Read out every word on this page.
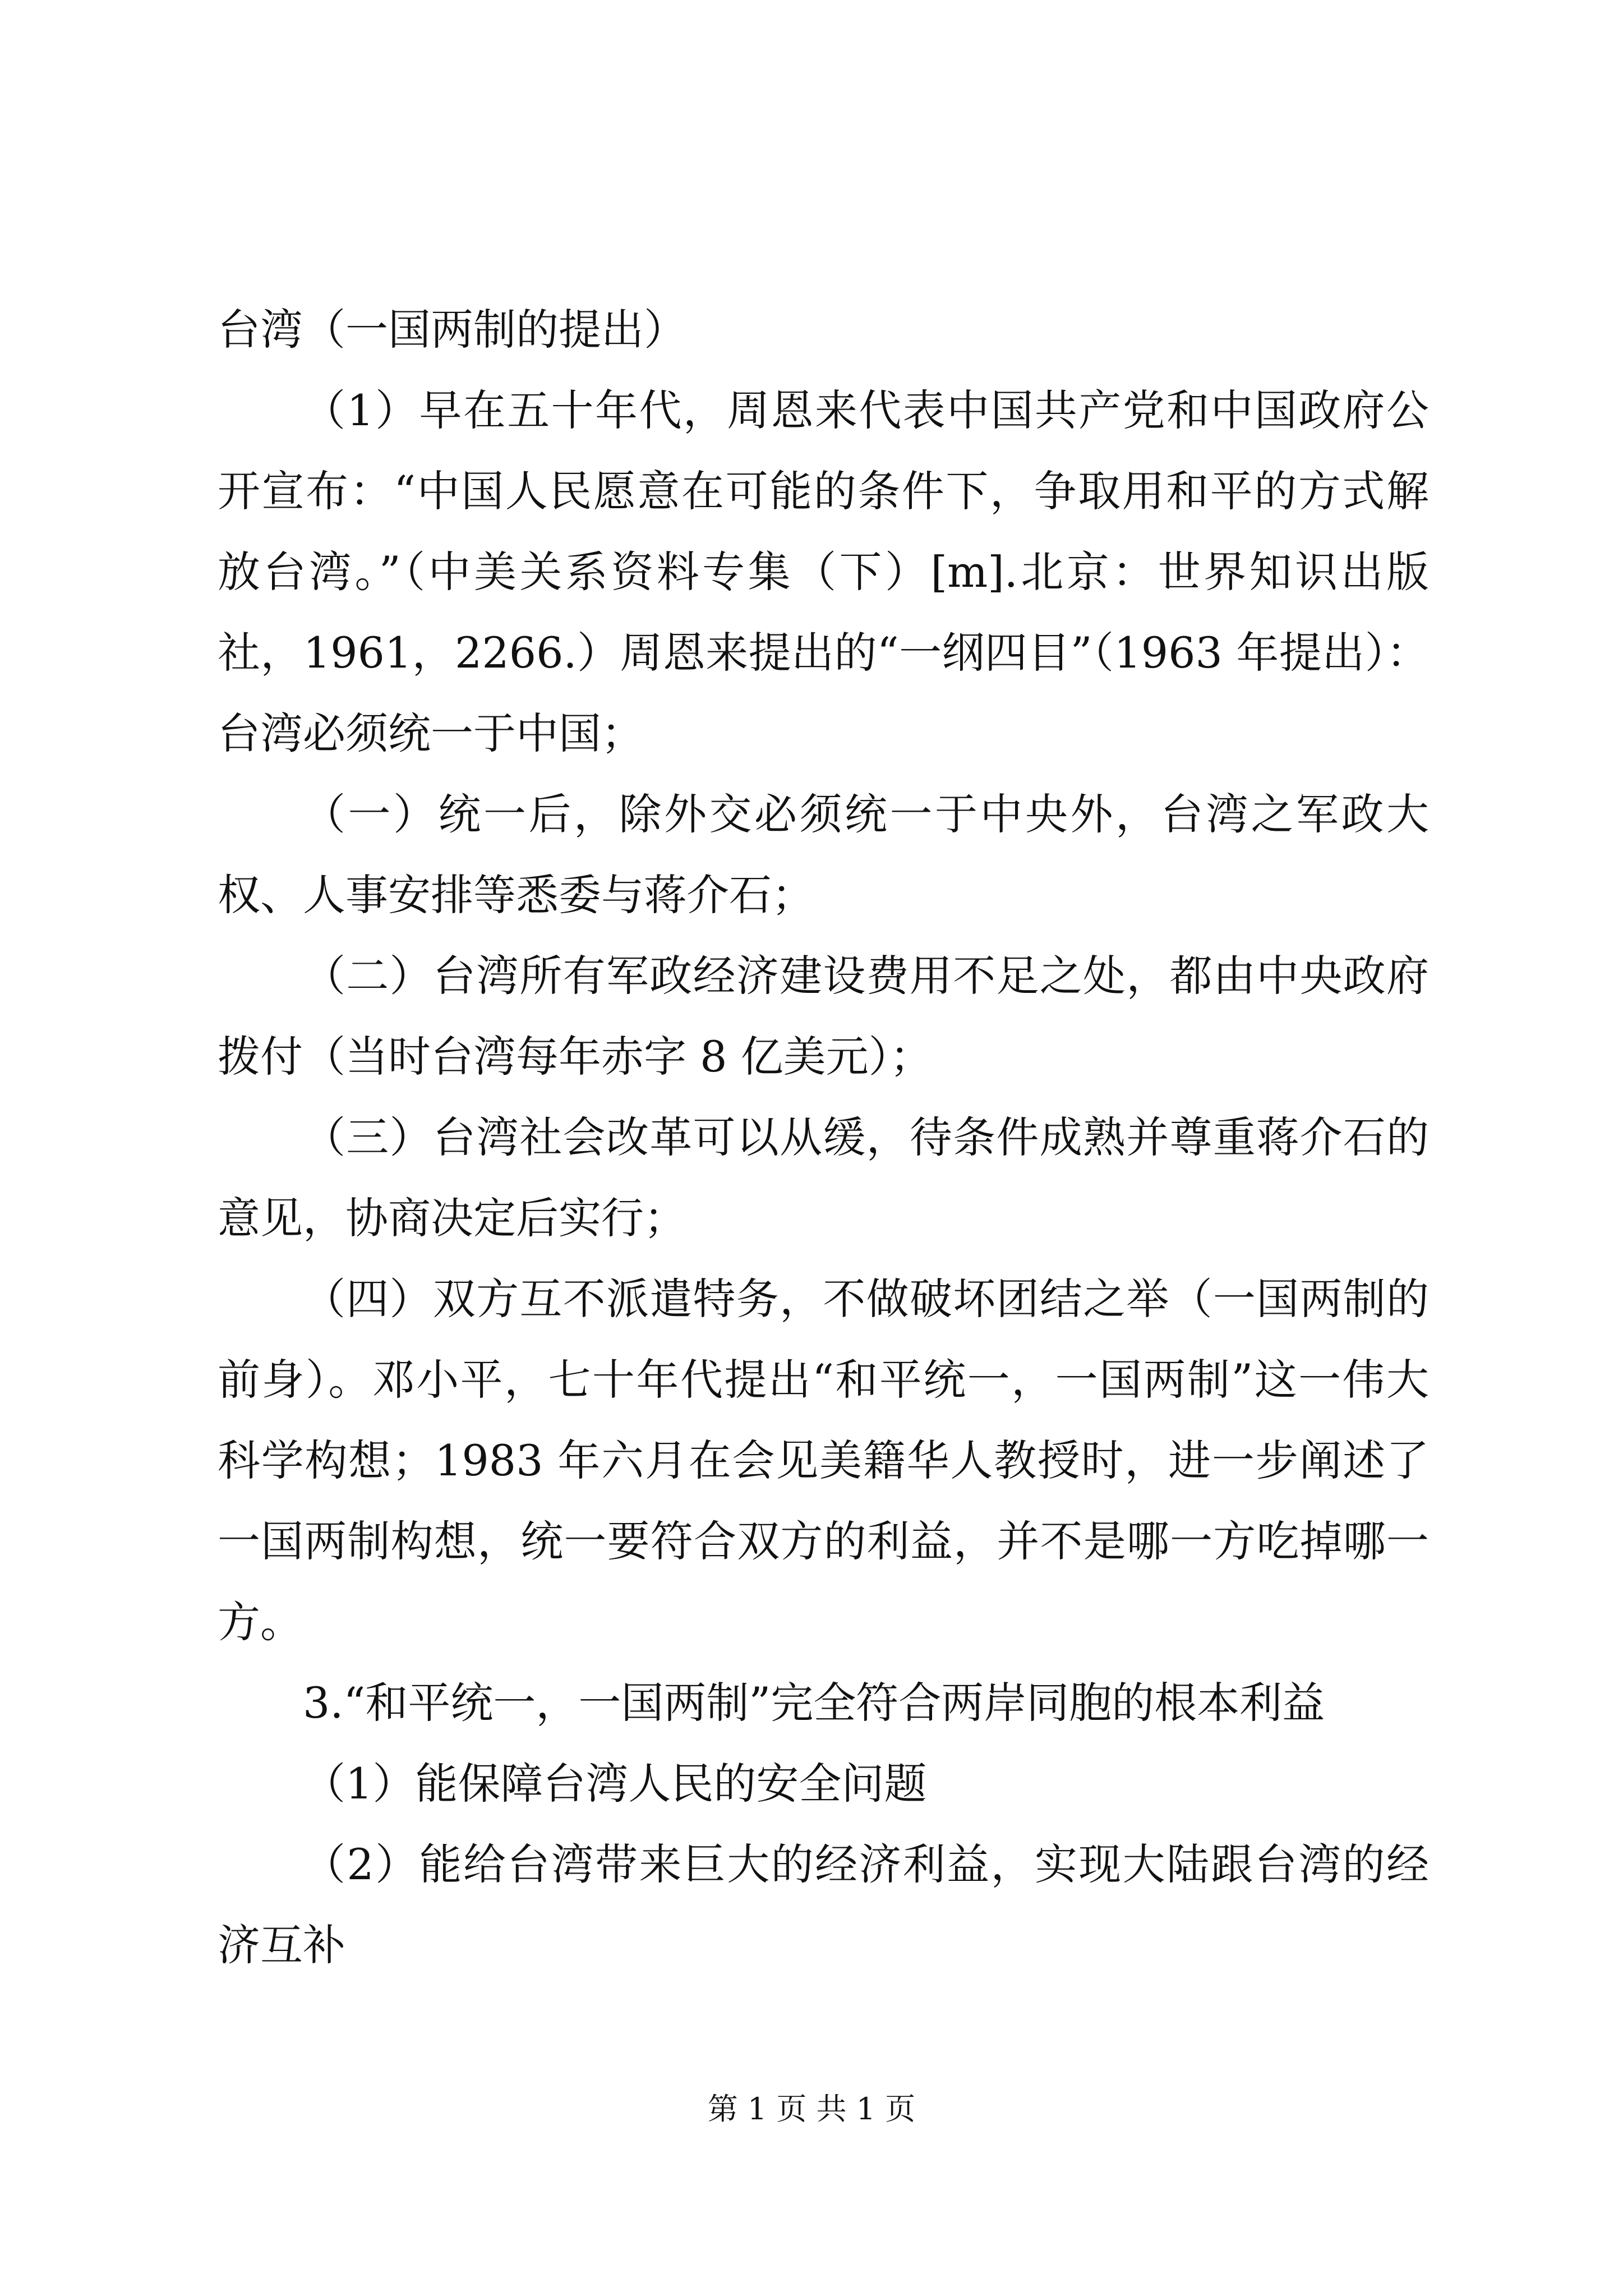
台湾（一国两制的提出）

（1）早在五十年代，周恩来代表中国共产党和中国政府公开宣布：“中国人民愿意在可能的条件下，争取用和平的方式解放台湾。”（中美关系资料专集（下）[m].北京：世界知识出版社，1961，2266.）周恩来提出的“一纲四目”（1963 年提出）：台湾必须统一于中国；

（一）统一后，除外交必须统一于中央外，台湾之军政大权、人事安排等悉委与蒋介石；

（二）台湾所有军政经济建设费用不足之处，都由中央政府拨付（当时台湾每年赤字 8 亿美元）；

（三）台湾社会改革可以从缓，待条件成熟并尊重蒋介石的意见，协商决定后实行；

（四）双方互不派遣特务，不做破坏团结之举（一国两制的前身）。邓小平，七十年代提出“和平统一，一国两制”这一伟大科学构想；1983 年六月在会见美籍华人教授时，进一步阐述了一国两制构想，统一要符合双方的利益，并不是哪一方吃掉哪一方。

3.“和平统一，一国两制”完全符合两岸同胞的根本利益

（1）能保障台湾人民的安全问题

（2）能给台湾带来巨大的经济利益，实现大陆跟台湾的经济互补

第 1 页 共 1 页
